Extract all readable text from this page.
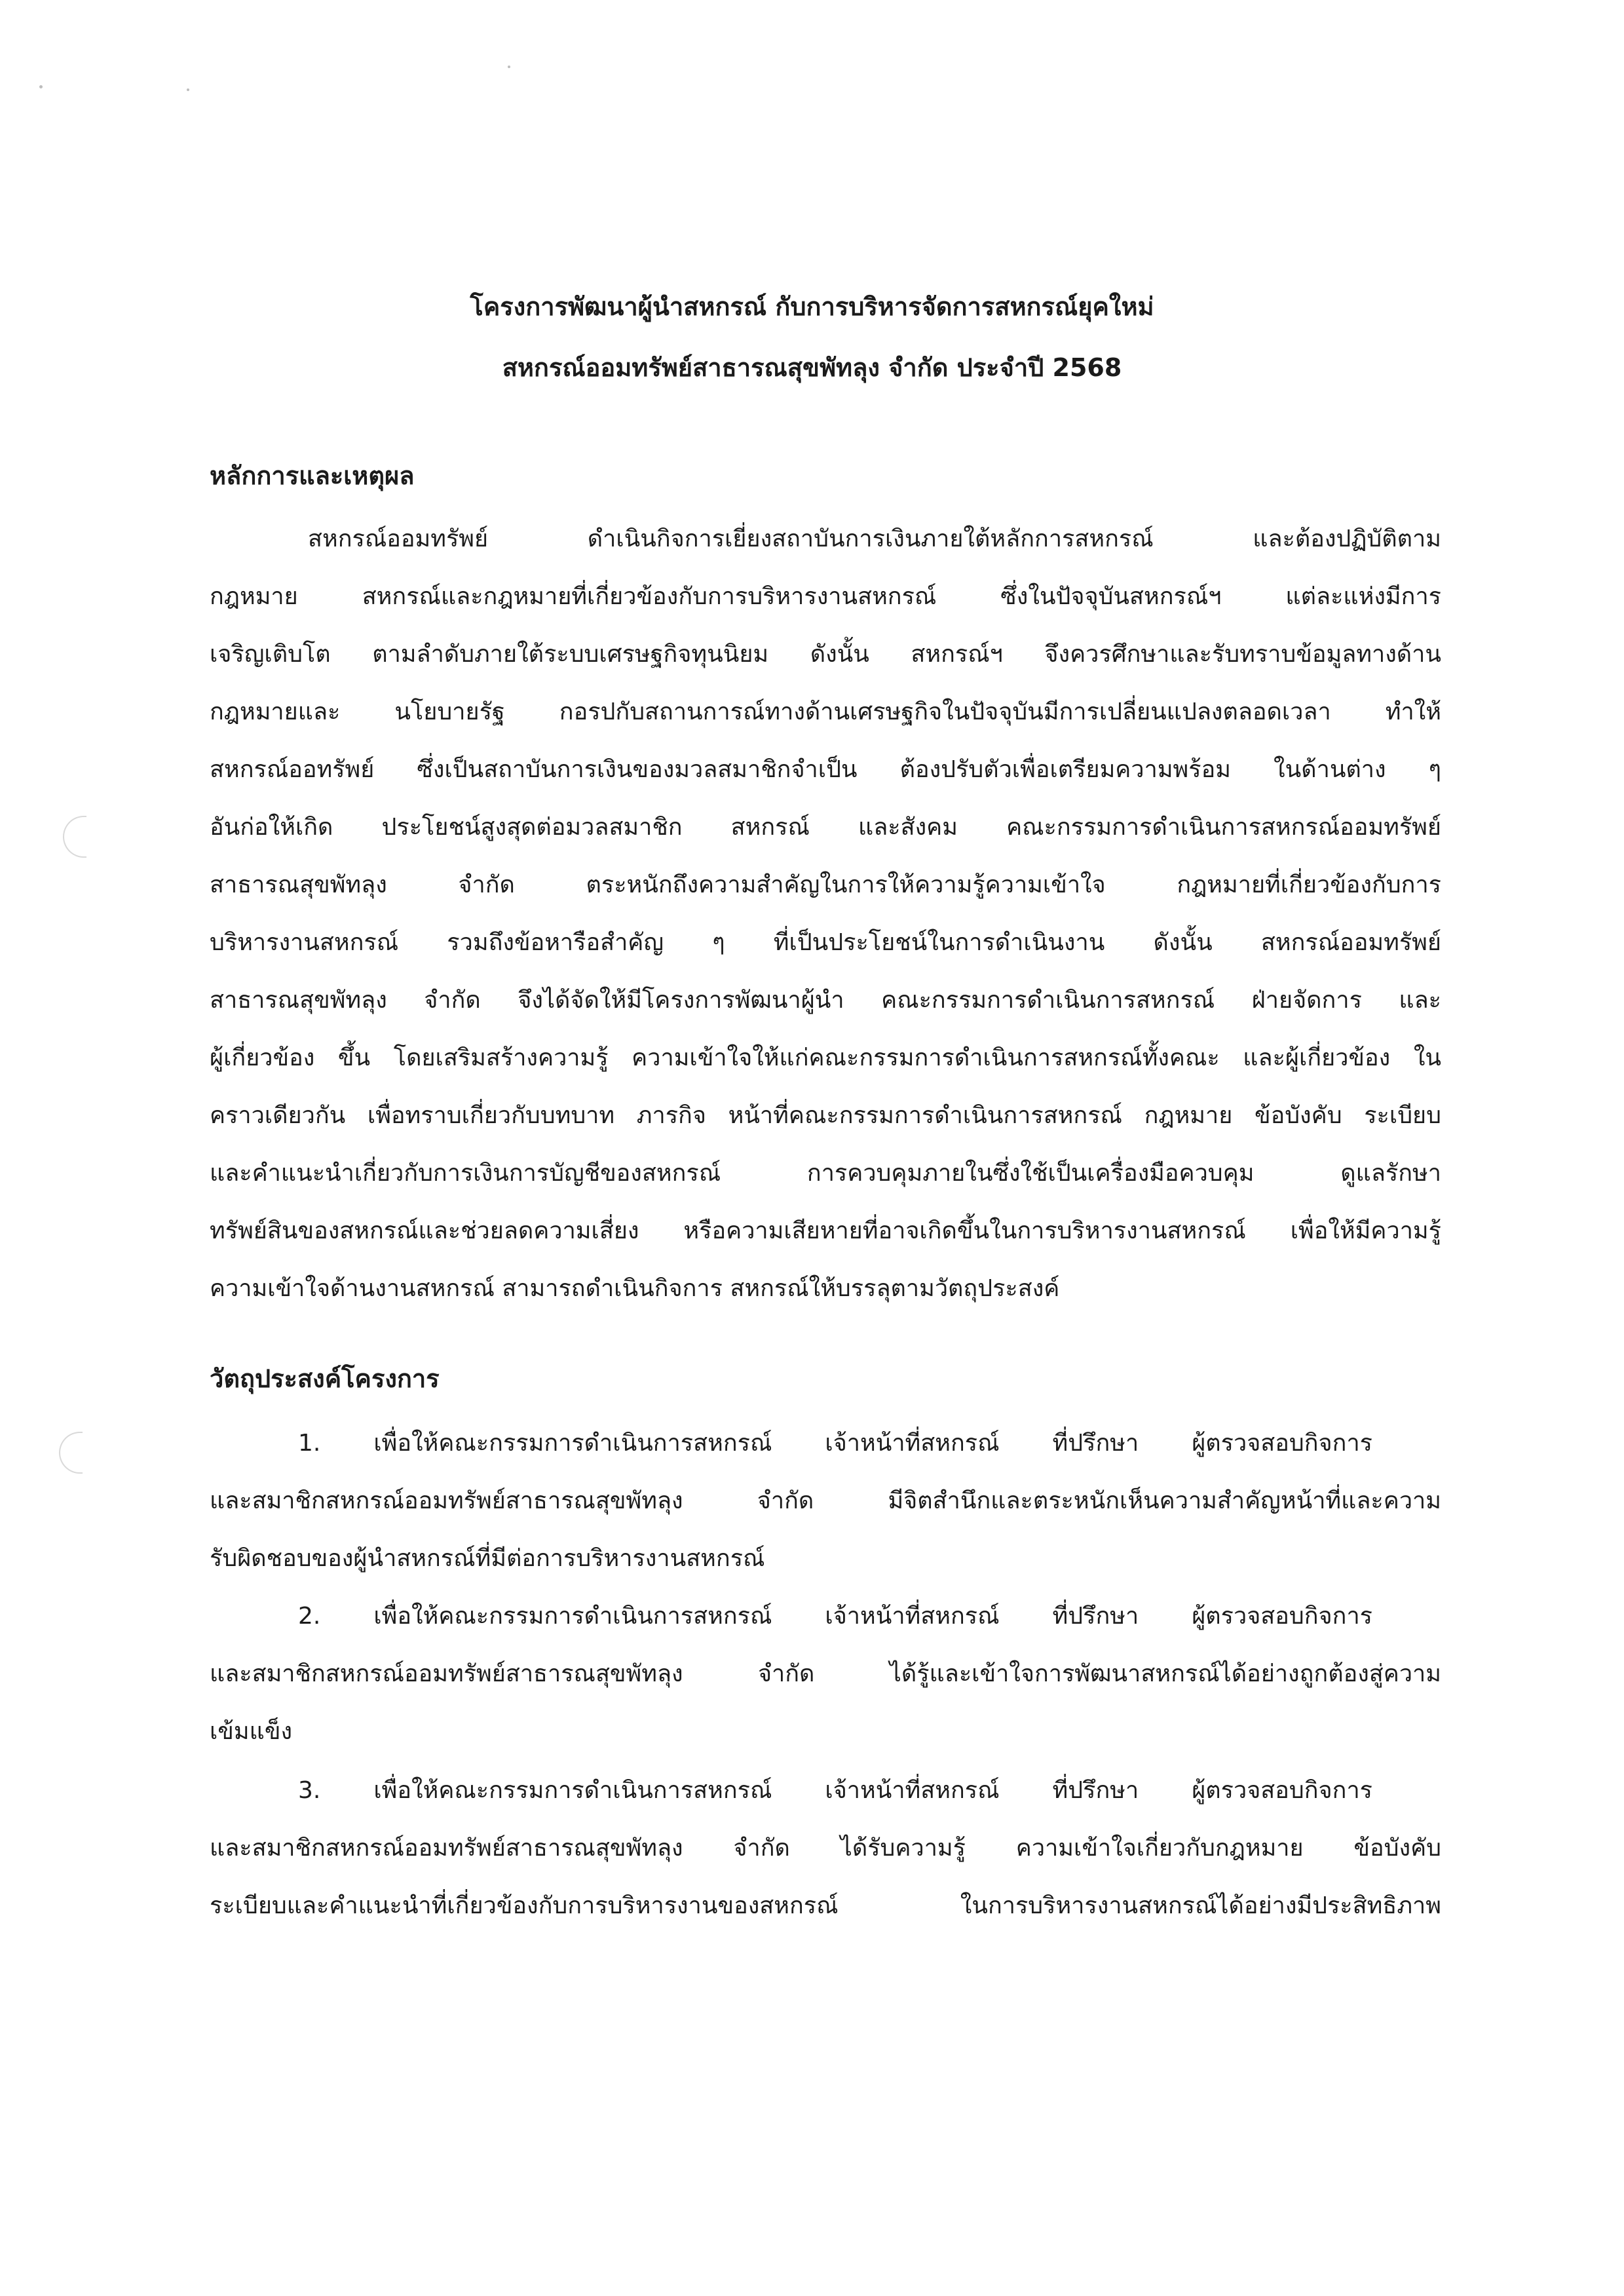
โครงการพัฒนาผู้นำสหกรณ์ กับการบริหารจัดการสหกรณ์ยุคใหม่
สหกรณ์ออมทรัพย์สาธารณสุขพัทลุง จำกัด ประจำปี 2568
หลักการและเหตุผล
สหกรณ์ออมทรัพย์ ดำเนินกิจการเยี่ยงสถาบันการเงินภายใต้หลักการสหกรณ์ และต้องปฏิบัติตาม
กฎหมาย สหกรณ์และกฎหมายที่เกี่ยวข้องกับการบริหารงานสหกรณ์ ซึ่งในปัจจุบันสหกรณ์ฯ แต่ละแห่งมีการ
เจริญเติบโต ตามลำดับภายใต้ระบบเศรษฐกิจทุนนิยม ดังนั้น สหกรณ์ฯ จึงควรศึกษาและรับทราบข้อมูลทางด้าน
กฎหมายและ นโยบายรัฐ กอรปกับสถานการณ์ทางด้านเศรษฐกิจในปัจจุบันมีการเปลี่ยนแปลงตลอดเวลา ทำให้
สหกรณ์ออทรัพย์ ซึ่งเป็นสถาบันการเงินของมวลสมาชิกจำเป็น ต้องปรับตัวเพื่อเตรียมความพร้อม ในด้านต่าง ๆ
อันก่อให้เกิด ประโยชน์สูงสุดต่อมวลสมาชิก สหกรณ์ และสังคม คณะกรรมการดำเนินการสหกรณ์ออมทรัพย์
สาธารณสุขพัทลุง จำกัด ตระหนักถึงความสำคัญในการให้ความรู้ความเข้าใจ กฎหมายที่เกี่ยวข้องกับการ
บริหารงานสหกรณ์ รวมถึงข้อหารือสำคัญ ๆ ที่เป็นประโยชน์ในการดำเนินงาน ดังนั้น สหกรณ์ออมทรัพย์
สาธารณสุขพัทลุง จำกัด จึงได้จัดให้มีโครงการพัฒนาผู้นำ คณะกรรมการดำเนินการสหกรณ์ ฝ่ายจัดการ และ
ผู้เกี่ยวข้อง ขึ้น โดยเสริมสร้างความรู้ ความเข้าใจให้แก่คณะกรรมการดำเนินการสหกรณ์ทั้งคณะ และผู้เกี่ยวข้อง ใน
คราวเดียวกัน เพื่อทราบเกี่ยวกับบทบาท ภารกิจ หน้าที่คณะกรรมการดำเนินการสหกรณ์ กฎหมาย ข้อบังคับ ระเบียบ
และคำแนะนำเกี่ยวกับการเงินการบัญชีของสหกรณ์ การควบคุมภายในซึ่งใช้เป็นเครื่องมือควบคุม ดูแลรักษา
ทรัพย์สินของสหกรณ์และช่วยลดความเสี่ยง หรือความเสียหายที่อาจเกิดขึ้นในการบริหารงานสหกรณ์ เพื่อให้มีความรู้
ความเข้าใจด้านงานสหกรณ์ สามารถดำเนินกิจการ สหกรณ์ให้บรรลุตามวัตถุประสงค์
วัตถุประสงค์โครงการ
1. เพื่อให้คณะกรรมการดำเนินการสหกรณ์ เจ้าหน้าที่สหกรณ์ ที่ปรึกษา ผู้ตรวจสอบกิจการ
และสมาชิกสหกรณ์ออมทรัพย์สาธารณสุขพัทลุง จำกัด มีจิตสำนึกและตระหนักเห็นความสำคัญหน้าที่และความ
รับผิดชอบของผู้นำสหกรณ์ที่มีต่อการบริหารงานสหกรณ์
2. เพื่อให้คณะกรรมการดำเนินการสหกรณ์ เจ้าหน้าที่สหกรณ์ ที่ปรึกษา ผู้ตรวจสอบกิจการ
และสมาชิกสหกรณ์ออมทรัพย์สาธารณสุขพัทลุง จำกัด ได้รู้และเข้าใจการพัฒนาสหกรณ์ได้อย่างถูกต้องสู่ความ
เข้มแข็ง
3. เพื่อให้คณะกรรมการดำเนินการสหกรณ์ เจ้าหน้าที่สหกรณ์ ที่ปรึกษา ผู้ตรวจสอบกิจการ
และสมาชิกสหกรณ์ออมทรัพย์สาธารณสุขพัทลุง จำกัด ได้รับความรู้ ความเข้าใจเกี่ยวกับกฎหมาย ข้อบังคับ
ระเบียบและคำแนะนำที่เกี่ยวข้องกับการบริหารงานของสหกรณ์ ในการบริหารงานสหกรณ์ได้อย่างมีประสิทธิภาพ
